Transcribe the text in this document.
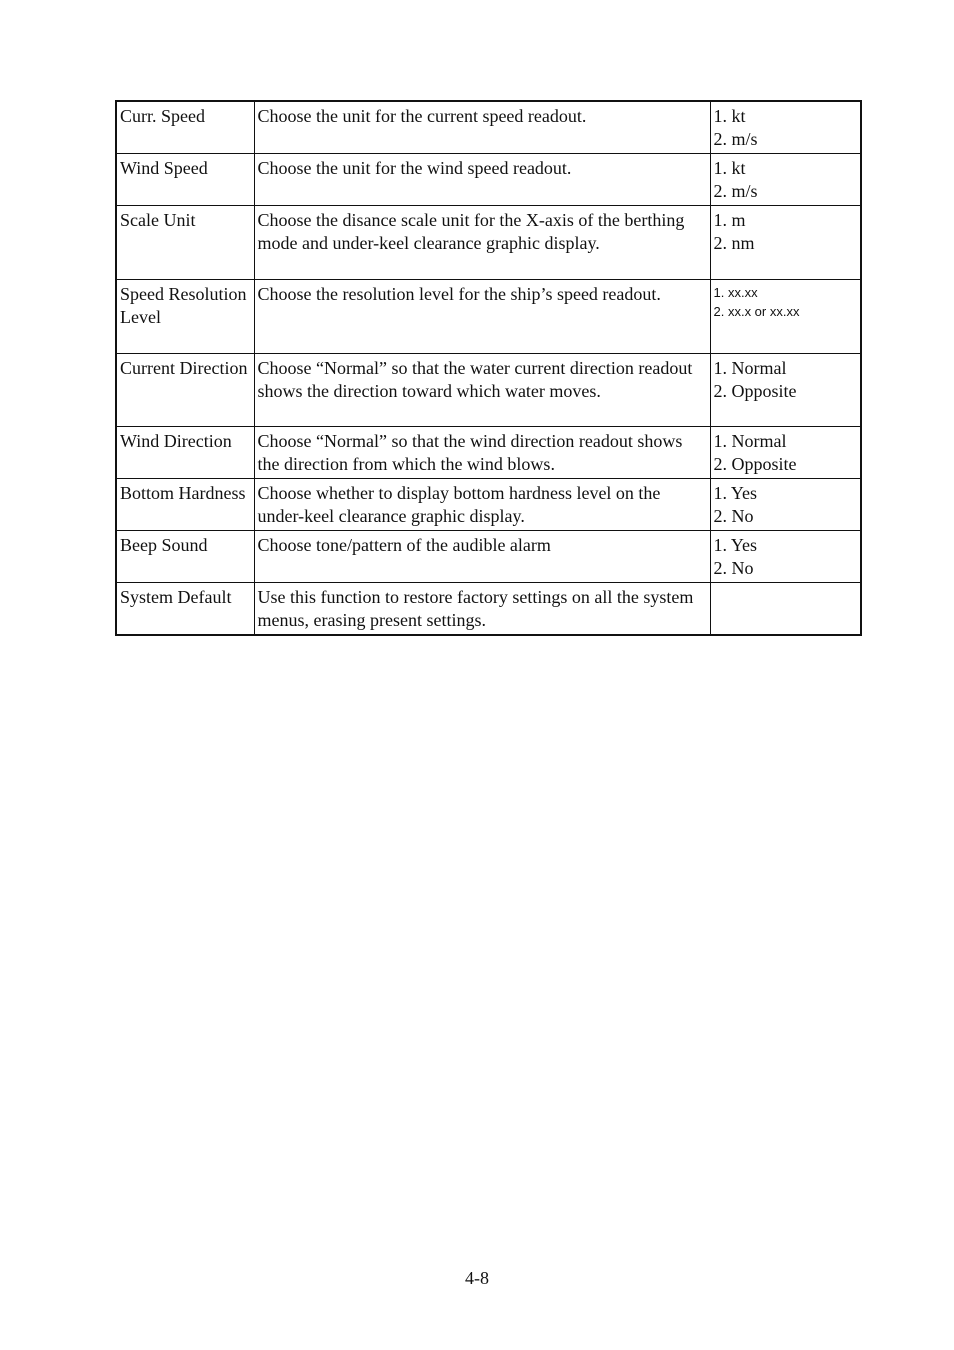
Curr. Speed	Choose the unit for the current speed readout.	1. kt
2. m/s

Wind Speed	Choose the unit for the wind speed readout.	1. kt
2. m/s

Scale Unit	Choose the disance scale unit for the X-axis of the berthing mode and under-keel clearance graphic display.	1. m
2. nm

Speed Resolution Level	Choose the resolution level for the ship’s speed readout.	1. xx.xx
2. xx.x or xx.xx

Current Direction	Choose “Normal” so that the water current direction readout shows the direction toward which water moves.	1. Normal
2. Opposite

Wind Direction	Choose “Normal” so that the wind direction readout shows the direction from which the wind blows.	1. Normal
2. Opposite

Bottom Hardness	Choose whether to display bottom hardness level on the under-keel clearance graphic display.	1. Yes
2. No

Beep Sound	Choose tone/pattern of the audible alarm	1. Yes
2. No

System Default	Use this function to restore factory settings on all the system menus, erasing present settings.	
4-8
